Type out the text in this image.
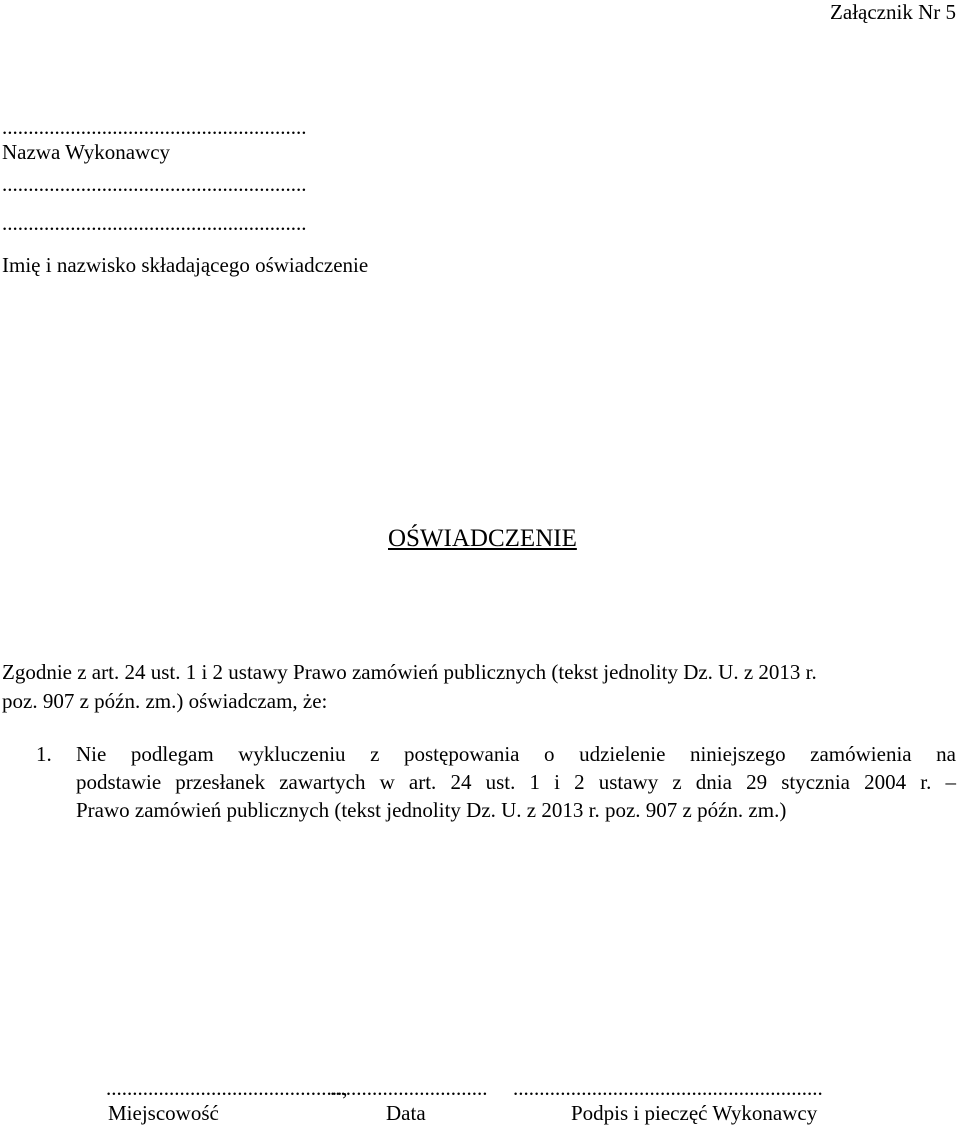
Załącznik Nr 5
..........................................................
Nazwa Wykonawcy
..........................................................
..........................................................
Imię i nazwisko składającego oświadczenie
OŚWIADCZENIE
Zgodnie z art. 24 ust. 1 i 2 ustawy Prawo zamówień publicznych (tekst jednolity Dz. U. z 2013 r.
poz. 907 z późn. zm.) oświadczam, że:
1. Nie podlegam wykluczeniu z postępowania o udzielenie niniejszego zamówienia na
podstawie przesłanek zawartych w art. 24 ust. 1 i 2 ustawy z dnia 29 stycznia 2004 r. –
Prawo zamówień publicznych (tekst jednolity Dz. U. z 2013 r. poz. 907 z późn. zm.)
.............................................,
.............................. ...........................................................
Miejscowość	Data	Podpis i pieczęć Wykonawcy
